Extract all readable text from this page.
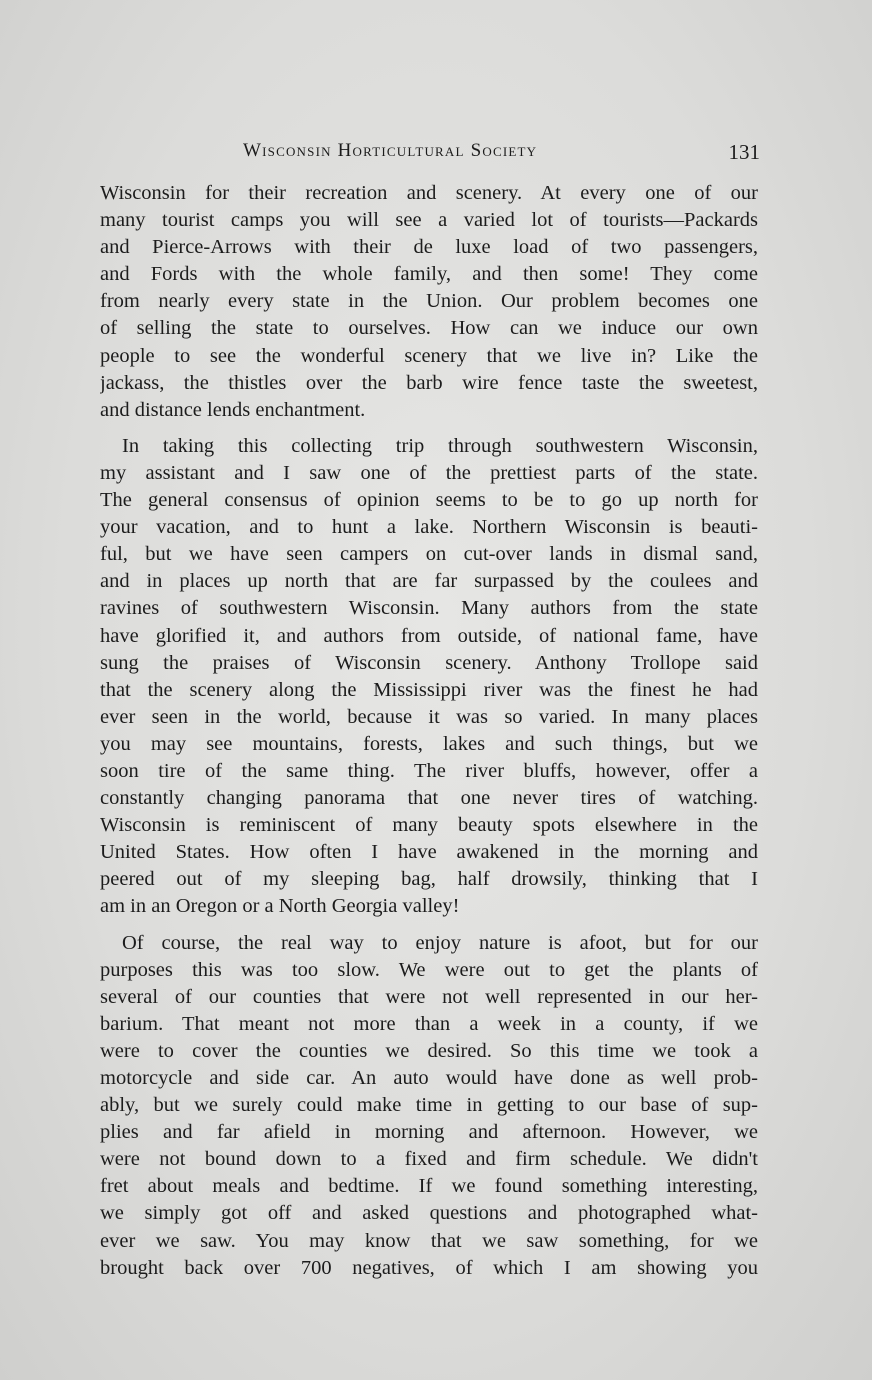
Wisconsin Horticultural Society	131
Wisconsin for their recreation and scenery. At every one of our
many tourist camps you will see a varied lot of tourists—Packards
and Pierce-Arrows with their de luxe load of two passengers,
and Fords with the whole family, and then some! They come
from nearly every state in the Union. Our problem becomes one
of selling the state to ourselves. How can we induce our own
people to see the wonderful scenery that we live in? Like the
jackass, the thistles over the barb wire fence taste the sweetest,
and distance lends enchantment.
In taking this collecting trip through southwestern Wisconsin,
my assistant and I saw one of the prettiest parts of the state.
The general consensus of opinion seems to be to go up north for
your vacation, and to hunt a lake. Northern Wisconsin is beauti-
ful, but we have seen campers on cut-over lands in dismal sand,
and in places up north that are far surpassed by the coulees and
ravines of southwestern Wisconsin. Many authors from the state
have glorified it, and authors from outside, of national fame, have
sung the praises of Wisconsin scenery. Anthony Trollope said
that the scenery along the Mississippi river was the finest he had
ever seen in the world, because it was so varied. In many places
you may see mountains, forests, lakes and such things, but we
soon tire of the same thing. The river bluffs, however, offer a
constantly changing panorama that one never tires of watching.
Wisconsin is reminiscent of many beauty spots elsewhere in the
United States. How often I have awakened in the morning and
peered out of my sleeping bag, half drowsily, thinking that I
am in an Oregon or a North Georgia valley!
Of course, the real way to enjoy nature is afoot, but for our
purposes this was too slow. We were out to get the plants of
several of our counties that were not well represented in our her-
barium. That meant not more than a week in a county, if we
were to cover the counties we desired. So this time we took a
motorcycle and side car. An auto would have done as well prob-
ably, but we surely could make time in getting to our base of sup-
plies and far afield in morning and afternoon. However, we
were not bound down to a fixed and firm schedule. We didn't
fret about meals and bedtime. If we found something interesting,
we simply got off and asked questions and photographed what-
ever we saw. You may know that we saw something, for we
brought back over 700 negatives, of which I am showing you
